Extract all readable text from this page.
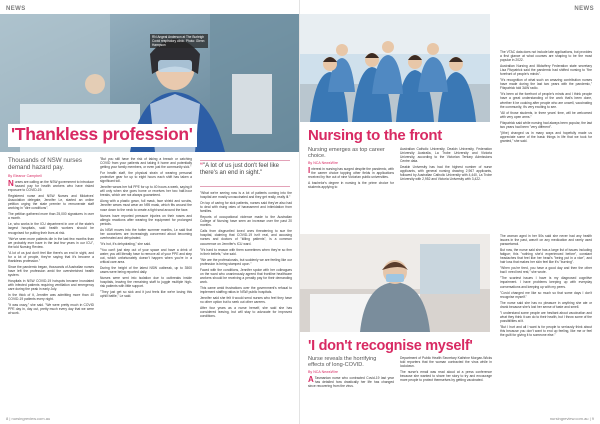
NEWS
RN Angeal Anderson at The Burleigh Covid respiratory clinic. Photo: Glenn Hampson
'Thankless profession'
Thousands of NSW nurses demand hazard pay.
By Eleanor Campbell

Nurses are calling on the NSW government to introduce hazard pay for health workers who have risked exposure to COVID-19.

Registered nurse and NSW Nurses and Midwives' Association delegate, Jennifer Le, started an online petition urging the state premier to remunerate staff working in "dire conditions".

The petition gathered more than 25,000 signatures in over a month.

Le, who works in the ICU department in one of the state's largest hospitals, said health workers should be recognised for putting their lives at risk.

"We've seen more patients die in the last few months than we probably ever have in the last few years in our ICU", the told Nursing Review.

"A lot of us just don't feel like there's an end in sight, and for a lot of people, they're saying that it's become a thankless profession."

Since the pandemic began, thousands of Australian nurses have left the profession amid the overstretched health system.

Hospitals in NSW COVID-19 hotspots became inundated with infected patients requiring ventilation and emergency care during the peak in early July.

In the thick of it, Jennifer was admitting more than 40 COVID-19 patients every night.

"It was crazy," she said. "We were pretty much in COVID PPE day in, day out, pretty much every day that we were at work.

"But you still have the risk of taking a breach or catching COVID from your patients and taking it home and potentially getting your family members, or even just the community sick."

For health staff, the physical strain of wearing personal protective gear for up to eight hours each shift has taken a significant toll.

Jennifer wears her full PPE for up to 40 hours a week, saying it will only when she goes home or receives her two half-hour breaks, which are not always guaranteed.

Along with a plastic gown, full mask, face shield and scrubs, Jennifer wears must wear an N95 mask, which fits around the nose down to the neck to create a tight seal around the face.

Nurses have reported pressure injuries on their noses and allergic reactions after wearing the equipment for prolonged periods.

As NSW moves into the hotter summer months, Le said that her coworkers are increasingly concerned about becoming overheated and dehydrated.

"It's hot, it's dehydrating," she said.

"You can't just step out of your space and have a drink of water; you will literally have to remove all of your PPE and step out, which unfortunately doesn't happen when you're in a critical care area.

During the height of the latest NSW outbreak, up to 3500 cases were being reported daily.

Nurses were sent into isolation due to outbreaks inside hospitals, leaving the remaining staff to juggle multiple high-risk patients with little support.

"They just get so sick and it just feels like we're losing this uphill battle," Le said.

“"A lot of us just don't feel like there's an end in sight."

"What we're seeing now is a lot of patients coming into the hospital are mostly unvaccinated and they get really, really ill."

On top of caring for sick patients, nurses said they've also had to deal with rising rates of harassment and intimidation from families.

Reports of occupational violence made to the Australian College of Nursing have seen an increase over the past 20 months.

Calls from disgruntled loved ones threatening to sue the hospital, claiming that COVID-19 isn't real, and accusing nurses and doctors of "killing patients", is a common occurrence on Jennifer's ICU ward.

"It's hard to reason with them sometimes when they're so firm in their beliefs," she said.

"We are the professionals, but suddenly we are feeling like our profession is being stamped upon."

Faced with the conditions, Jennifer spoke with her colleagues on the ward who unanimously agreed that frontline healthcare workers should be receiving a penalty pay for their demanding work.

This came amid frustrations over the government's refusal to implement staffing ratios in NSW public hospitals.

Jennifer said she felt it would send nurses who feel they have no other option but to seek out other careers.

After four years as a nurse herself, she said she has considered leaving, but will stay to advocate for improved conditions.

8 | nursingreview.com.au
NEWS
Nursing to the front
Nursing emerges as top career choice.
By NCA NewsWire

Interest in nursing has surged despite the pandemic, with the career choice topping other fields in applications received by five out of nine Victorian public universities.

A bachelor's degree in nursing is the prime choice for students applying to

Australian Catholic University, Deakin University, Federation University Australia, La Trobe University and Victoria University, according to the Victorian Tertiary Admissions Centre data.

Deakin University has had the highest number of nurse applicants, with general nursing drawing 2,967 applicants, followed by Australian Catholic University with 4,440, La Trobe University with 2,952 and Victoria University with 3,422.

The VTAC data does not include late applications, but provides a first glance at what courses are shaping to be the most popular in 2022.

Australian Nursing and Midwifery Federation state secretary Lisa Fitzpatrick said the pandemic had shifted nursing to "the forefront of people's minds".

"It's recognition of what such an amazing contribution nurses have made during the last two years with the pandemic," Fitzpatrick told 3AW radio.

"It's been at the forefront of people's minds and I think people have a great understanding of the work that's been done, whether it be cooking after people who are unwell, vaccinating the community, it's very exciting to see.

"All of those students, in three years' time, will be welcomed with very open arms."

Fitzpatrick said while nursing had always been popular, the last two years had been "very different".

"(Ithe) changed us in many ways and hopefully made us appreciate some of the basic things in life that we took for granted," she said.

'I don't recognise myself'
Nurse reveals the horrifying effects of long-COVID.
By NCA NewsWire

A Tasmanian nurse who contracted Covid-19 last year has detailed how drastically her life has changed since recovering from the virus.

Department of Public Health Secretary Kathrine Morgan-Wicks told reporters that the woman contracted the virus while in lockdown.

The nurse's email was read aloud at a press conference because she wanted to share her story to try and encourage more people to protect themselves by getting vaccinated.

The woman aged in her 50s said she never had any health issues in the past, wasn't on any medication and rarely used paracetamol.

But now, the nurse said she has a large list of issues including fatigue; this "nothing she'd experienced before", constant headaches that feel like her head's "being put in a vice", and hair loss that makes her skin feel like it's "burning".

"When you're tired, you have a good day and then the other bad I need bed rest," she wrote.

"The scariest issues I have is my diagnosed cognitive impairment. I have problems keeping up with everyday conversations and keeping up with my peers.

"Covid changed me like so much so that some days I don't recognise myself."

The nurse said she has no pleasure in anything she ate or drank because she's lost her sense of taste and smell.

"I understand some people are hesitant about vaccination and what they think it can do to their health, but I throw some of the possibilities at it.

"But I hurt and all I want is for people to seriously think about this because you don't want to end up feeling, like me or feel the guilt for giving it to someone else."

nursingreview.com.au | 9
